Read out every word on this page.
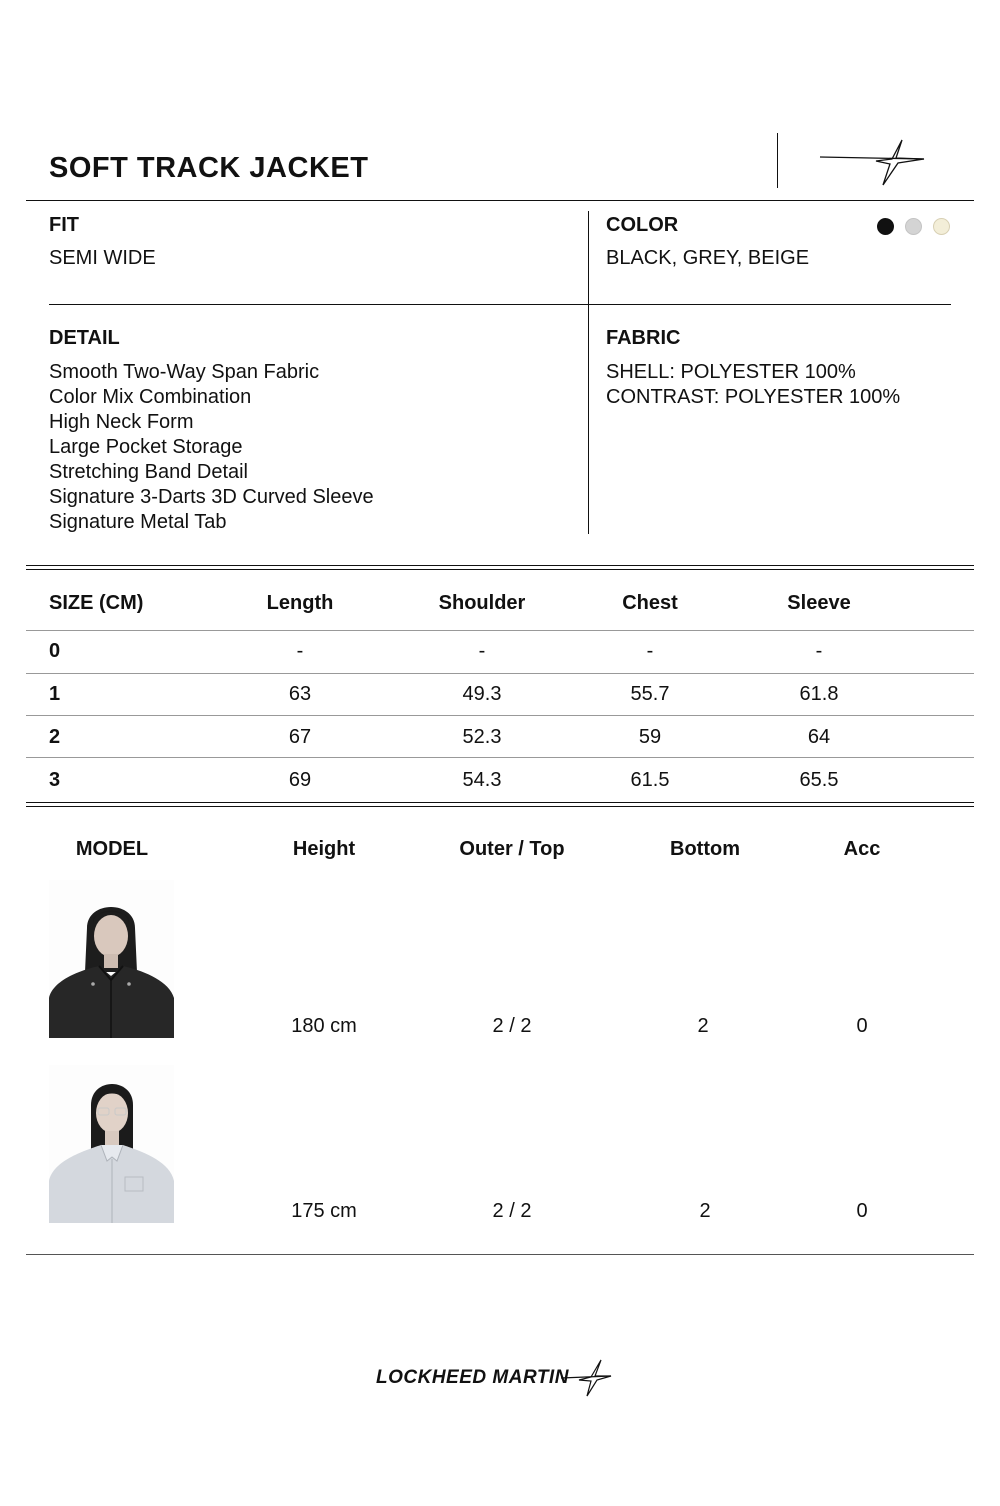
SOFT TRACK JACKET
FIT
SEMI WIDE
COLOR
BLACK, GREY, BEIGE
DETAIL
Smooth Two-Way Span Fabric
Color Mix Combination
High Neck Form
Large Pocket Storage
Stretching Band Detail
Signature 3-Darts 3D Curved Sleeve
Signature Metal Tab
FABRIC
SHELL: POLYESTER 100%
CONTRAST: POLYESTER 100%
SIZE (CM)	Length	Shoulder	Chest	Sleeve
0	-	-	-	-
1	63	49.3	55.7	61.8
2	67	52.3	59	64
3	69	54.3	61.5	65.5
MODEL	Height	Outer / Top	Bottom	Acc
180 cm	2 / 2	2	0
175 cm	2 / 2	2	0
LOCKHEED MARTIN
